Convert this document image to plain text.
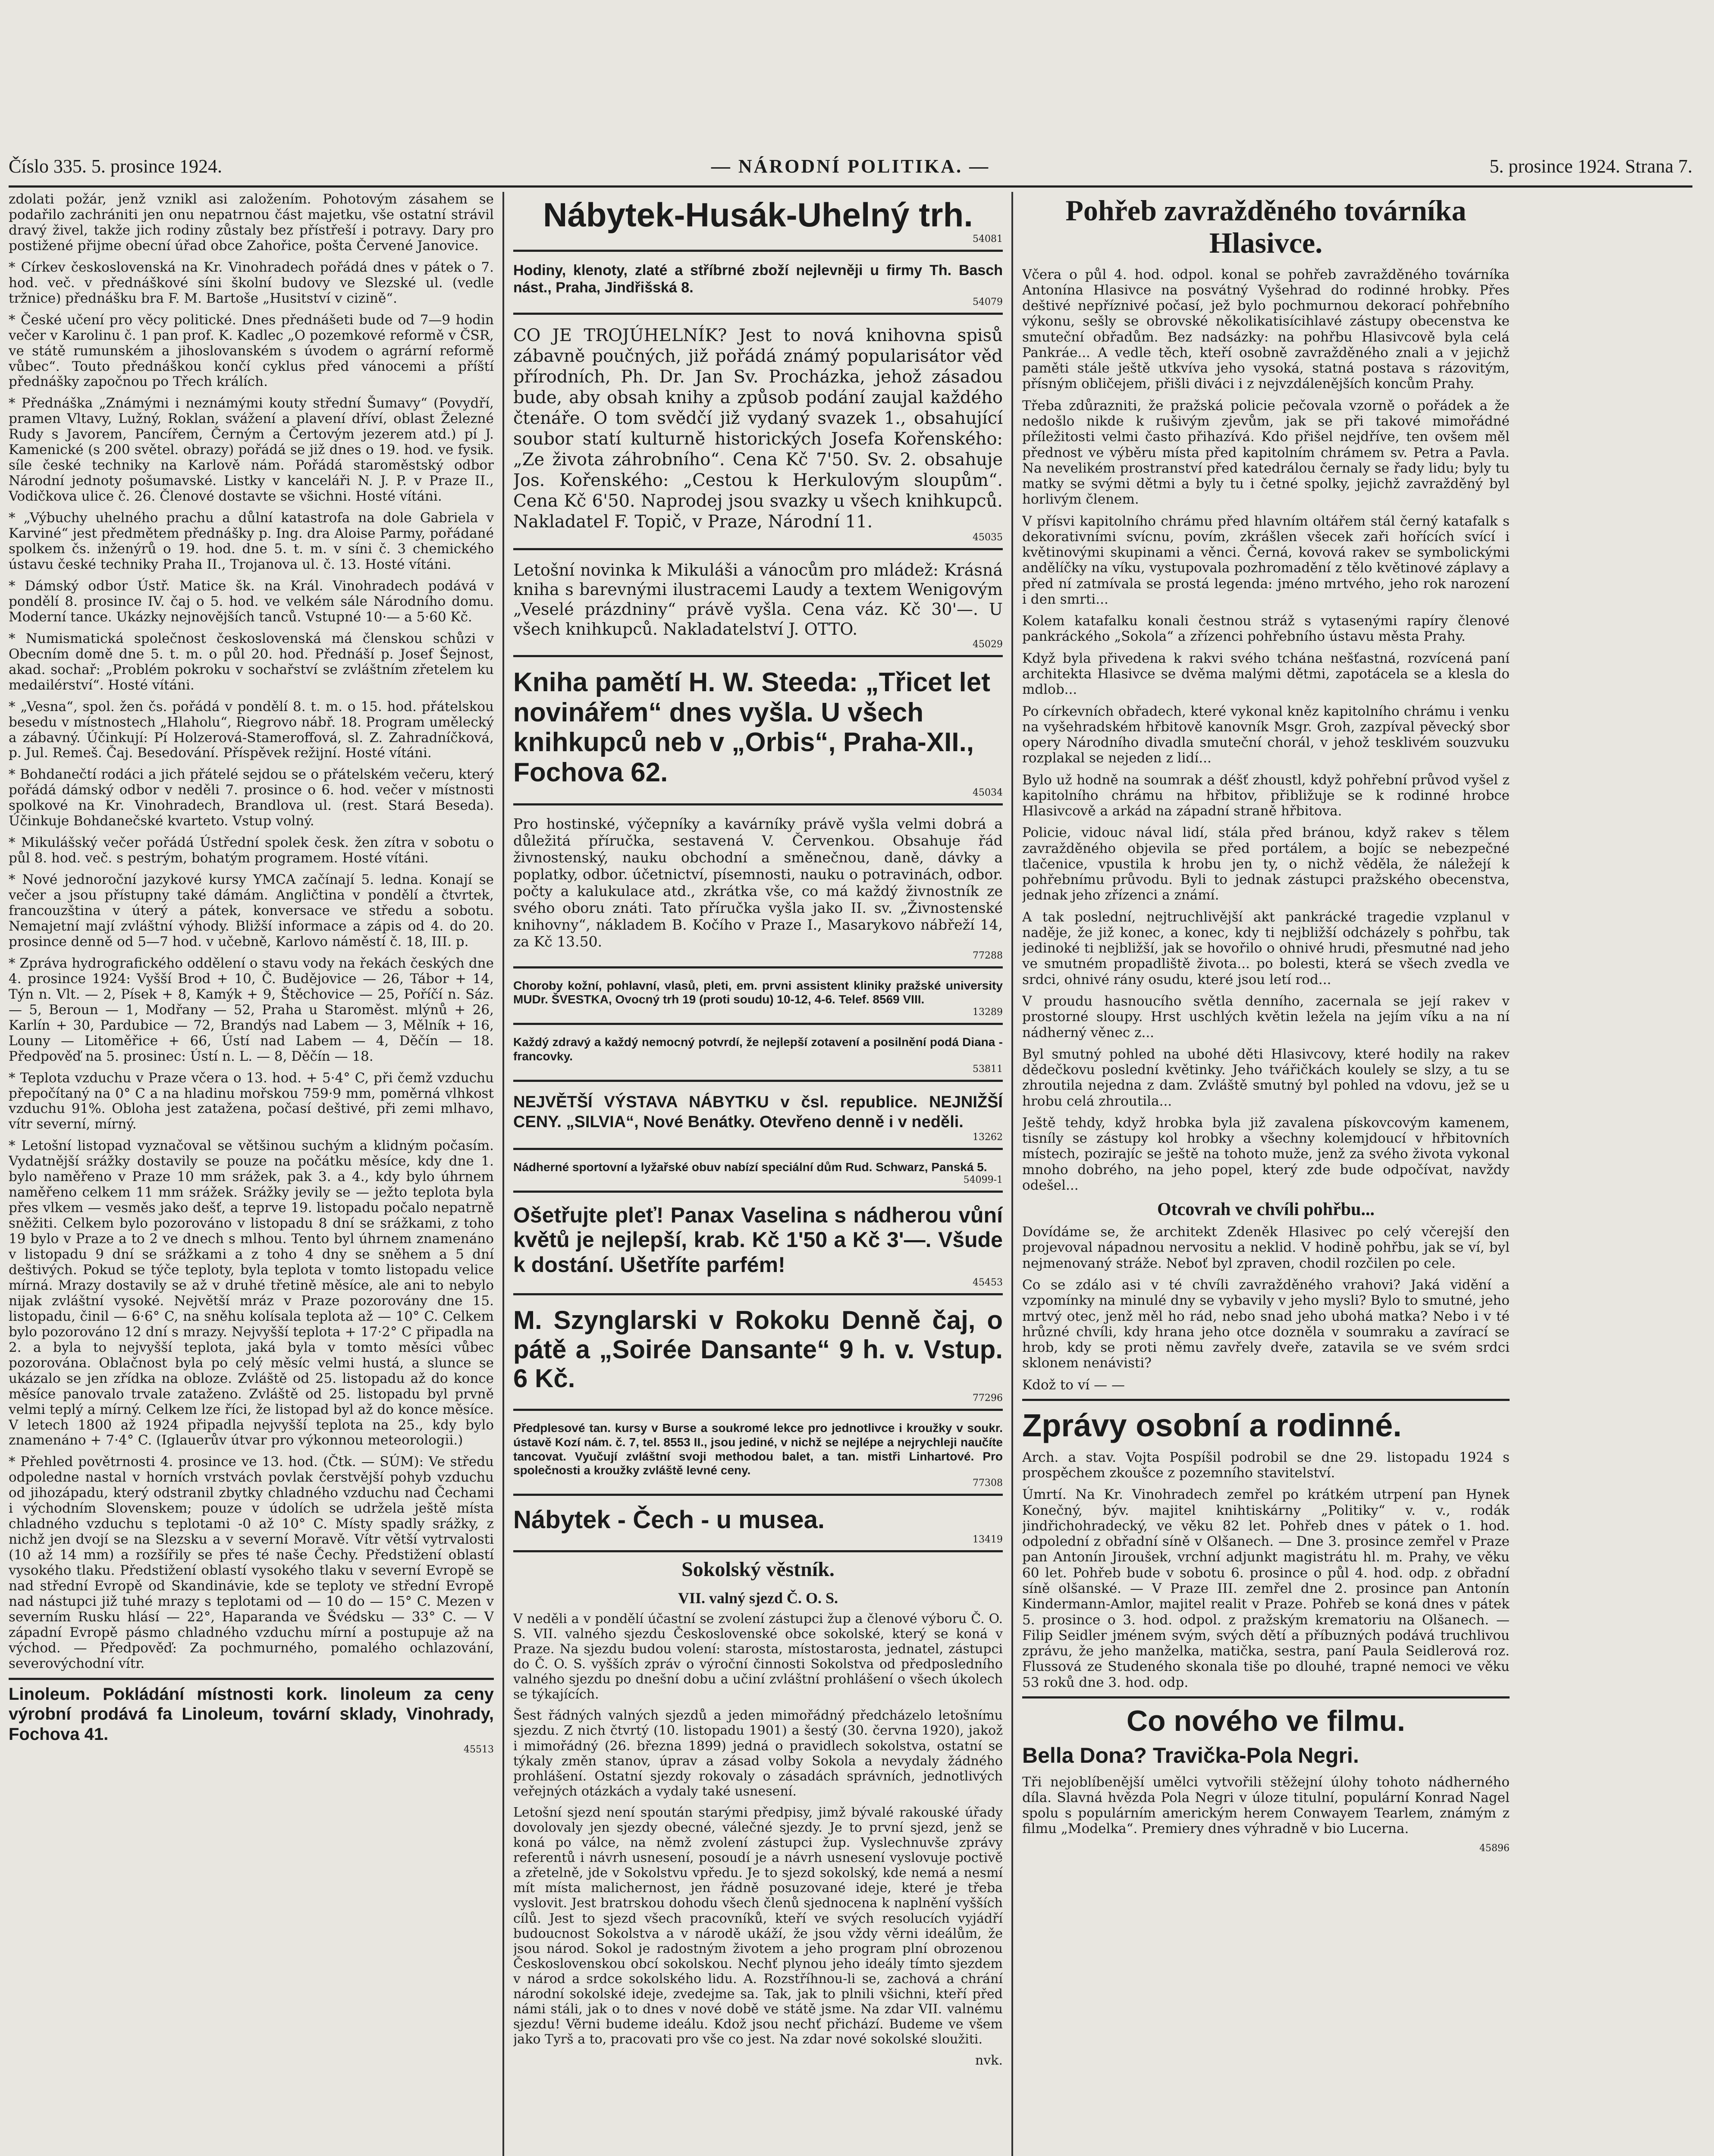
Číslo 335. 5. prosince 1924.	— NÁRODNÍ POLITIKA. —	5. prosince 1924. Strana 7.

zdolati požár, jenž vznikl asi založením. Pohotovým zásahem se podařilo zachrániti jen onu nepatrnou část majetku, vše ostatní strávil dravý živel, takže jich rodiny zůstaly bez přístřeší i potravy. Dary pro postižené přijme obecní úřad obce Zahořice, pošta Červené Janovice.

* Církev československá na Kr. Vinohradech pořádá dnes v pátek o 7. hod. več. v přednáškové síni školní budovy ve Slezské ul. (vedle tržnice) přednášku bra F. M. Bartoše „Husitství v cizině“.

* České učení pro věcy politické. Dnes přednášeti bude od 7—9 hodin večer v Karolinu č. 1 pan prof. K. Kadlec „O pozemkové reformě v ČSR, ve státě rumunském a jihoslovanském s úvodem o agrární reformě vůbec“. Touto přednáškou končí cyklus před vánocemi a příští přednášky započnou po Třech králích.

* Přednáška „Známými i neznámými kouty střední Šumavy“ (Povydří, pramen Vltavy, Lužný, Roklan, svážení a plavení dříví, oblast Železné Rudy s Javorem, Pancířem, Černým a Čertovým jezerem atd.) pí J. Kamenické (s 200 světel. obrazy) pořádá se již dnes o 19. hod. ve fysik. síle české techniky na Karlově nám. Pořádá staroměstský odbor Národní jednoty pošumavské. Listky v kanceláři N. J. P. v Praze II., Vodičkova ulice č. 26. Členové dostavte se všichni. Hosté vítáni.

* „Výbuchy uhelného prachu a důlní katastrofa na dole Gabriela v Karviné“ jest předmětem přednášky p. Ing. dra Aloise Parmy, pořádané spolkem čs. inženýrů o 19. hod. dne 5. t. m. v síni č. 3 chemického ústavu české techniky Praha II., Trojanova ul. č. 13. Hosté vítáni.

* Dámský odbor Ústř. Matice šk. na Král. Vinohradech podává v pondělí 8. prosince IV. čaj o 5. hod. ve velkém sále Národního domu. Moderní tance. Ukázky nejnovějších tanců. Vstupné 10·— a 5·60 Kč.

* Numismatická společnost československá má členskou schůzi v Obecním domě dne 5. t. m. o půl 20. hod. Přednáší p. Josef Šejnost, akad. sochař: „Problém pokroku v sochařství se zvláštním zřetelem ku medailérství“. Hosté vítáni.

* „Vesna“, spol. žen čs. pořádá v pondělí 8. t. m. o 15. hod. přátelskou besedu v místnostech „Hlaholu“, Riegrovo nábř. 18. Program umělecký a zábavný. Účinkují: Pí Holzerová-Stameroffová, sl. Z. Zahradníčková, p. Jul. Remeš. Čaj. Besedování. Příspěvek režijní. Hosté vítáni.

* Bohdanečtí rodáci a jich přátelé sejdou se o přátelském večeru, který pořádá dámský odbor v neděli 7. prosince o 6. hod. večer v místnosti spolkové na Kr. Vinohradech, Brandlova ul. (rest. Stará Beseda). Účinkuje Bohdanečské kvarteto. Vstup volný.

* Mikulášský večer pořádá Ústřední spolek česk. žen zítra v sobotu o půl 8. hod. več. s pestrým, bohatým programem. Hosté vítáni.

* Nové jednoroční jazykové kursy YMCA začínají 5. ledna. Konají se večer a jsou přístupny také dámám. Angličtina v pondělí a čtvrtek, francouzština v úterý a pátek, konversace ve středu a sobotu. Nemajetní mají zvláštní výhody. Bližší informace a zápis od 4. do 20. prosince denně od 5—7 hod. v učebně, Karlovo náměstí č. 18, III. p.

* Zpráva hydrografického oddělení o stavu vody na řekách českých dne 4. prosince 1924: Vyšší Brod + 10, Č. Budějovice — 26, Tábor + 14, Týn n. Vlt. — 2, Písek + 8, Kamýk + 9, Štěchovice — 25, Poříčí n. Sáz. — 5, Beroun — 1, Modřany — 52, Praha u Staroměst. mlýnů + 26, Karlín + 30, Pardubice — 72, Brandýs nad Labem — 3, Mělník + 16, Louny — Litoměřice + 66, Ústí nad Labem — 4, Děčín — 18. Předpověď na 5. prosinec: Ústí n. L. — 8, Děčín — 18.

* Teplota vzduchu v Praze včera o 13. hod. + 5·4° C, při čemž vzduchu přepočítaný na 0° C a na hladinu mořskou 759·9 mm, poměrná vlhkost vzduchu 91%. Obloha jest zatažena, počasí deštivé, při zemi mlhavo, vítr severní, mírný.

* Letošní listopad vyznačoval se většinou suchým a klidným počasím. Vydatnější srážky dostavily se pouze na počátku měsíce, kdy dne 1. bylo naměřeno v Praze 10 mm srážek, pak 3. a 4., kdy bylo úhrnem naměřeno celkem 11 mm srážek. Srážky jevily se — ježto teplota byla přes vlkem — vesměs jako dešť, a teprve 19. listopadu počalo nepatrně sněžiti. Celkem bylo pozorováno v listopadu 8 dní se srážkami, z toho 19 bylo v Praze a to 2 ve dnech s mlhou. Tento byl úhrnem znamenáno v listopadu 9 dní se srážkami a z toho 4 dny se sněhem a 5 dní deštivých. Pokud se týče teploty, byla teplota v tomto listopadu velice mírná. Mrazy dostavily se až v druhé třetině měsíce, ale ani to nebylo nijak zvláštní vysoké. Největší mráz v Praze pozorovány dne 15. listopadu, činil — 6·6° C, na sněhu kolísala teplota až — 10° C. Celkem bylo pozorováno 12 dní s mrazy. Nejvyšší teplota + 17·2° C připadla na 2. a byla to nejvyšší teplota, jaká byla v tomto měsíci vůbec pozorována. Oblačnost byla po celý měsíc velmi hustá, a slunce se ukázalo se jen zřídka na obloze. Zvláště od 25. listopadu až do konce měsíce panovalo trvale zataženo. Zvláště od 25. listopadu byl prvně velmi teplý a mírný. Celkem lze říci, že listopad byl až do konce měsíce. V letech 1800 až 1924 připadla nejvyšší teplota na 25., kdy bylo znamenáno + 7·4° C. (Iglauerův útvar pro výkonnou meteorologii.)

* Přehled povětrnosti 4. prosince ve 13. hod. (Čtk. — SÚM): Ve středu odpoledne nastal v horních vrstvách povlak čerstvější pohyb vzduchu od jihozápadu, který odstranil zbytky chladného vzduchu nad Čechami i východním Slovenskem; pouze v údolích se udržela ještě místa chladného vzduchu s teplotami -0 až 10° C. Místy spadly srážky, z nichž jen dvojí se na Slezsku a v severní Moravě. Vítr větší vytrvalosti (10 až 14 mm) a rozšířily se přes té naše Čechy. Předstižení oblastí vysokého tlaku. Předstižení oblastí vysokého tlaku v severní Evropě se nad střední Evropě od Skandinávie, kde se teploty ve střední Evropě nad nástupci již tuhé mrazy s teplotami od — 10 do — 15° C. Mezen v severním Rusku hlásí — 22°, Haparanda ve Švédsku — 33° C. — V západní Evropě pásmo chladného vzduchu mírní a postupuje až na východ. — Předpověď: Za pochmurného, pomalého ochlazování, severovýchodní vítr.

Linoleum. Pokládání místnosti kork. linoleum za ceny výrobní prodává fa Linoleum, tovární sklady, Vinohrady, Fochova 41.

45513

Nábytek-Husák-Uhelný trh.

54081

Hodiny, klenoty, zlaté a stříbrné zboží nejlevněji u firmy Th. Basch nást., Praha, Jindřišská 8.

54079

CO JE TROJÚHELNÍK? Jest to nová knihovna spisů zábavně poučných, již pořádá známý popularisátor věd přírodních, Ph. Dr. Jan Sv. Procházka, jehož zásadou bude, aby obsah knihy a způsob podání zaujal každého čtenáře. O tom svědčí již vydaný svazek 1., obsahující soubor statí kulturně historických Josefa Kořenského: „Ze života záhrobního“. Cena Kč 7'50. Sv. 2. obsahuje Jos. Kořenského: „Cestou k Herkulovým sloupům“. Cena Kč 6'50. Naprodej jsou svazky u všech knihkupců. Nakladatel F. Topič, v Praze, Národní 11.

45035

Letošní novinka k Mikuláši a vánocům pro mládež: Krásná kniha s barevnými ilustracemi Laudy a textem Wenigovým „Veselé prázdniny“ právě vyšla. Cena váz. Kč 30'—. U všech knihkupců. Nakladatelství J. OTTO.

45029

Kniha pamětí H. W. Steeda: „Třicet let novinářem“ dnes vyšla. U všech knihkupců neb v „Orbis“, Praha-XII., Fochova 62.

45034

Pro hostinské, výčepníky a kavárníky právě vyšla velmi dobrá a důležitá příručka, sestavená V. Červenkou. Obsahuje řád živnostenský, nauku obchodní a směnečnou, daně, dávky a poplatky, odbor. účetnictví, písemnosti, nauku o potravinách, odbor. počty a kalukulace atd., zkrátka vše, co má každý živnostník ze svého oboru znáti. Tato příručka vyšla jako II. sv. „Živnostenské knihovny“, nákladem B. Kočího v Praze I., Masarykovo nábřeží 14, za Kč 13.50.

77288

Choroby kožní, pohlavní, vlasů, pleti, em. prvni assistent kliniky pražské university MUDr. ŠVESTKA, Ovocný trh 19 (proti soudu) 10-12, 4-6. Telef. 8569 VIII.

13289

Každý zdravý a každý nemocný potvrdí, že nejlepší zotavení a posilnění podá Diana - francovky.

53811

NEJVĚTŠÍ VÝSTAVA NÁBYTKU v čsl. republice. NEJNIŽŠÍ CENY. „SILVIA“, Nové Benátky. Otevřeno denně i v neděli.

13262

Nádherné sportovní a lyžařské obuv nabízí speciální dům Rud. Schwarz, Panská 5.

54099-1

Ošetřujte pleť! Panax Vaselina s nádherou vůní květů je nejlepší, krab. Kč 1'50 a Kč 3'—. Všude k dostání. Ušetříte parfém!

45453

M. Szynglarski v Rokoku Denně čaj, o pátě a „Soirée Dansante“ 9 h. v. Vstup. 6 Kč.

77296

Předplesové tan. kursy v Burse a soukromé lekce pro jednotlivce i kroužky v soukr. ústavě Kozí nám. č. 7, tel. 8553 II., jsou jediné, v nichž se nejlépe a nejrychleji naučíte tancovat. Vyučují zvláštní svoji methodou balet, a tan. mistři Linhartové. Pro společnosti a kroužky zvláště levné ceny.

77308

Nábytek - Čech - u musea.

13419
Sokolský věstník.
VII. valný sjezd Č. O. S.

V neděli a v pondělí účastní se zvolení zástupci žup a členové výboru Č. O. S. VII. valného sjezdu Československé obce sokolské, který se koná v Praze. Na sjezdu budou volení: starosta, místostarosta, jednatel, zástupci do Č. O. S. vyšších zpráv o výroční činnosti Sokolstva od předposledního valného sjezdu po dnešní dobu a učiní zvláštní prohlášení o všech úkolech se týkajících.

Šest řádných valných sjezdů a jeden mimořádný předcházelo letošnímu sjezdu. Z nich čtvrtý (10. listopadu 1901) a šestý (30. června 1920), jakož i mimořádný (26. března 1899) jedná o pravidlech sokolstva, ostatní se týkaly změn stanov, úprav a zásad volby Sokola a nevydaly žádného prohlášení. Ostatní sjezdy rokovaly o zásadách správních, jednotlivých veřejných otázkách a vydaly také usnesení.

Letošní sjezd není spoután starými předpisy, jimž bývalé rakouské úřady dovolovaly jen sjezdy obecné, válečné sjezdy. Je to první sjezd, jenž se koná po válce, na němž zvolení zástupci žup. Vyslechnuvše zprávy referentů i návrh usnesení, posoudí je a návrh usnesení vyslovuje poctivě a zřetelně, jde v Sokolstvu vpředu. Je to sjezd sokolský, kde nemá a nesmí mít místa malichernost, jen řádně posuzované ideje, které je třeba vyslovit. Jest bratrskou dohodu všech členů sjednocena k naplnění vyšších cílů. Jest to sjezd všech pracovníků, kteří ve svých resolucích vyjádří budoucnost Sokolstva a v národě ukáží, že jsou vždy věrni ideálům, že jsou národ. Sokol je radostným životem a jeho program plní obrozenou Československou obcí sokolskou. Nechť plynou jeho ideály tímto sjezdem v národ a srdce sokolského lidu. A. Rozstříhnou-li se, zachová a chrání národní sokolské ideje, zvedejme sa. Tak, jak to plnili všichni, kteří před námi stáli, jak o to dnes v nové době ve státě jsme. Na zdar VII. valnému sjezdu! Věrni budeme ideálu. Kdož jsou nechť přichází. Budeme ve všem jako Tyrš a to, pracovati pro vše co jest. Na zdar nové sokolské sloužiti.

nvk.

Pohřeb zavražděného továrníka Hlasivce.

Včera o půl 4. hod. odpol. konal se pohřeb zavražděného továrníka Antonína Hlasivce na posvátný Vyšehrad do rodinné hrobky. Přes deštivé nepříznivé počasí, jež bylo pochmurnou dekorací pohřebního výkonu, sešly se obrovské několikatisícihlavé zástupy obecenstva ke smuteční obřadům. Bez nadsázky: na pohřbu Hlasivcově byla celá Pankráe... A vedle těch, kteří osobně zavražděného znali a v jejichž paměti stále ještě utkvíva jeho vysoká, statná postava s rázovitým, přísným obličejem, přišli diváci i z nejvzdálenějších koncům Prahy.

Třeba zdůrazniti, že pražská policie pečovala vzorně o pořádek a že nedošlo nikde k rušivým zjevům, jak se při takové mimořádné příležitosti velmi často přihazívá. Kdo přišel nejdříve, ten ovšem měl přednost ve výběru místa před kapitolním chrámem sv. Petra a Pavla. Na nevelikém prostranství před katedrálou černaly se řady lidu; byly tu matky se svými dětmi a byly tu i četné spolky, jejichž zavražděný byl horlivým členem.

V přísvi kapitolního chrámu před hlavním oltářem stál černý katafalk s dekorativními svícnu, povím, zkrášlen všecek zaři hořících svící i květinovými skupinami a věnci. Černá, kovová rakev se symbolickými andělíčky na víku, vystupovala pozhromadění z tělo květinové záplavy a před ní zatmívala se prostá legenda: jméno mrtvého, jeho rok narození i den smrti...

Kolem katafalku konali čestnou stráž s vytasenými rapíry členové pankráckého „Sokola“ a zřízenci pohřebního ústavu města Prahy.

Když byla přivedena k rakvi svého tchána nešťastná, rozvícená paní architekta Hlasivce se dvěma malými dětmi, zapotácela se a klesla do mdlob...

Po církevních obřadech, které vykonal kněz kapitolního chrámu i venku na vyšehradském hřbitově kanovník Msgr. Groh, zazpíval pěvecký sbor opery Národního divadla smuteční chorál, v jehož tesklivém souzvuku rozplakal se nejeden z lidí...

Bylo už hodně na soumrak a déšť zhoustl, když pohřební průvod vyšel z kapitolního chrámu na hřbitov, přibližuje se k rodinné hrobce Hlasivcově a arkád na západní straně hřbitova.

Policie, vidouc nával lidí, stála před bránou, když rakev s tělem zavražděného objevila se před portálem, a bojíc se nebezpečné tlačenice, vpustila k hrobu jen ty, o nichž věděla, že náležejí k pohřebnímu průvodu. Byli to jednak zástupci pražského obecenstva, jednak jeho zřízenci a známí.

A tak poslední, nejtruchlivější akt pankrácké tragedie vzplanul v naděje, že již konec, a konec, kdy ti nejbližší odcházely s pohřbu, tak jedinoké ti nejbližší, jak se hovořilo o ohnivé hrudi, přesmutné nad jeho ve smutném propadliště života... po bolesti, která se všech zvedla ve srdci, ohnivé rány osudu, které jsou letí rod...

V proudu hasnoucího světla denního, zacernala se její rakev v prostorné sloupy. Hrst uschlých květin ležela na jejím víku a na ní nádherný věnec z...

Byl smutný pohled na ubohé děti Hlasivcovy, které hodily na rakev dědečkovu poslední květinky. Jeho tvářičkách koulely se slzy, a tu se zhroutila nejedna z dam. Zvláště smutný byl pohled na vdovu, jež se u hrobu celá zhroutila...

Ještě tehdy, když hrobka byla již zavalena pískovcovým kamenem, tisníly se zástupy kol hrobky a všechny kolemjdoucí v hřbitovních místech, pozirajíc se ještě na tohoto muže, jenž za svého života vykonal mnoho dobrého, na jeho popel, který zde bude odpočívat, navždy odešel...

Otcovrah ve chvíli pohřbu...

Dovídáme se, že architekt Zdeněk Hlasivec po celý včerejší den projevoval nápadnou nervositu a neklid. V hodině pohřbu, jak se ví, byl nejmenovaný stráže. Neboť byl zpraven, chodil rozčilen po cele.

Co se zdálo asi v té chvíli zavražděného vrahovi? Jaká vidění a vzpomínky na minulé dny se vybavily v jeho mysli? Bylo to smutné, jeho mrtvý otec, jenž měl ho rád, nebo snad jeho ubohá matka? Nebo i v té hrůzné chvíli, kdy hrana jeho otce dozněla v soumraku a zavírací se hrob, kdy se proti němu zavřely dveře, zatavila se ve svém srdci sklonem nenávisti?

Kdož to ví — —

Zprávy osobní a rodinné.

Arch. a stav. Vojta Pospíšil podrobil se dne 29. listopadu 1924 s prospěchem zkoušce z pozemního stavitelství.

Úmrtí. Na Kr. Vinohradech zemřel po krátkém utrpení pan Hynek Konečný, býv. majitel knihtiskárny „Politiky“ v. v., rodák jindřichohradecký, ve věku 82 let. Pohřeb dnes v pátek o 1. hod. odpolední z obřadní síně v Olšanech. — Dne 3. prosince zemřel v Praze pan Antonín Jiroušek, vrchní adjunkt magistrátu hl. m. Prahy, ve věku 60 let. Pohřeb bude v sobotu 6. prosince o půl 4. hod. odp. z obřadní síně olšanské. — V Praze III. zemřel dne 2. prosince pan Antonín Kindermann-Amlor, majitel realit v Praze. Pohřeb se koná dnes v pátek 5. prosince o 3. hod. odpol. z pražským krematoriu na Olšanech. — Filip Seidler jménem svým, svých dětí a příbuzných podává truchlivou zprávu, že jeho manželka, matička, sestra, paní Paula Seidlerová roz. Flussová ze Studeného skonala tiše po dlouhé, trapné nemoci ve věku 53 roků dne 3. hod. odp.

Co nového ve filmu.

Bella Dona? Travička-Pola Negri.

Tři nejoblíbenější umělci vytvořili stěžejní úlohy tohoto nádherného díla. Slavná hvězda Pola Negri v úloze titulní, populární Konrad Nagel spolu s populárním americkým herem Conwayem Tearlem, známým z filmu „Modelka“. Premiery dnes výhradně v bio Lucerna.

45896
